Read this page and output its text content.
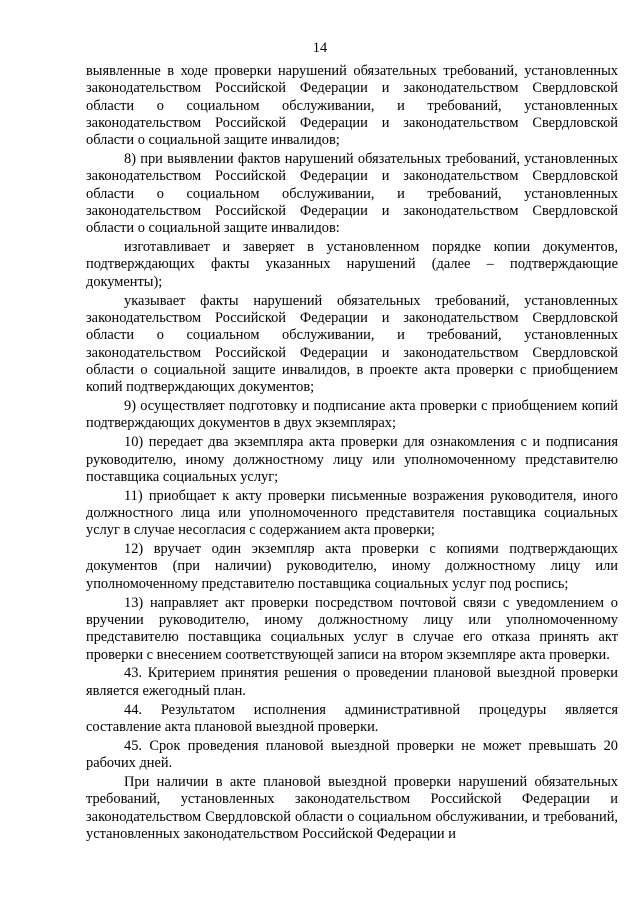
14

выявленные в ходе проверки нарушений обязательных требований, установленных законодательством Российской Федерации и законодательством Свердловской области о социальном обслуживании, и требований, установленных законодательством Российской Федерации и законодательством Свердловской области о социальной защите инвалидов;

8) при выявлении фактов нарушений обязательных требований, установленных законодательством Российской Федерации и законодательством Свердловской области о социальном обслуживании, и требований, установленных законодательством Российской Федерации и законодательством Свердловской области о социальной защите инвалидов:

изготавливает и заверяет в установленном порядке копии документов, подтверждающих факты указанных нарушений (далее – подтверждающие документы);

указывает факты нарушений обязательных требований, установленных законодательством Российской Федерации и законодательством Свердловской области о социальном обслуживании, и требований, установленных законодательством Российской Федерации и законодательством Свердловской области о социальной защите инвалидов, в проекте акта проверки с приобщением копий подтверждающих документов;

9) осуществляет подготовку и подписание акта проверки с приобщением копий подтверждающих документов в двух экземплярах;

10) передает два экземпляра акта проверки для ознакомления с и подписания руководителю, иному должностному лицу или уполномоченному представителю поставщика социальных услуг;

11) приобщает к акту проверки письменные возражения руководителя, иного должностного лица или уполномоченного представителя поставщика социальных услуг в случае несогласия с содержанием акта проверки;

12) вручает один экземпляр акта проверки с копиями подтверждающих документов (при наличии) руководителю, иному должностному лицу или уполномоченному представителю поставщика социальных услуг под роспись;

13) направляет акт проверки посредством почтовой связи с уведомлением о вручении руководителю, иному должностному лицу или уполномоченному представителю поставщика социальных услуг в случае его отказа принять акт проверки с внесением соответствующей записи на втором экземпляре акта проверки.

43. Критерием принятия решения о проведении плановой выездной проверки является ежегодный план.

44. Результатом исполнения административной процедуры является составление акта плановой выездной проверки.

45. Срок проведения плановой выездной проверки не может превышать 20 рабочих дней.

При наличии в акте плановой выездной проверки нарушений обязательных требований, установленных законодательством Российской Федерации и законодательством Свердловской области о социальном обслуживании, и требований, установленных законодательством Российской Федерации и
